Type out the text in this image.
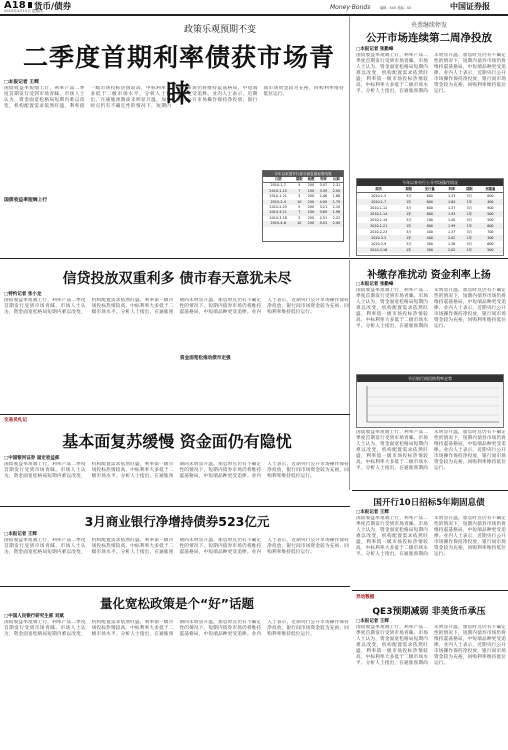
A18 货币/债券
2010年4月15日 星期四	Money·Bonds	编辑：XXX 美编：XX	中国证券报
政策乐观预期不变
二季度首期利率债获市场青睐
□本报记者 王辉
国债收益率短端上行，利率产品二季度首期发行受到市场青睐。市场人士认为，资金面宽松格局短期内难以改变，机构配置需求依然旺盛，利率债一级市场投标热情较高，中标利率大多低于二级市场水平。分析人士指出，在通胀预期尚未明显升温、加息时点仍有不确定性的情况下，短期内债券市场仍将维持震荡格局，中短端品种更受追捧。业内人士表示，近期央行公开市场操作保持净投放，银行间市场资金较为充裕，回购利率维持低位运行。
国债收益率短端上行
今年以来国开行部分固息债标售结果
日期	期限	规模	利率	认购
2010-1-7	5	200	3.07	2.31
2010-1-15	7	150	3.59	2.05
2010-1-21	3	200	2.46	1.88
2010-2-4	10	150	4.05	1.75
2010-2-25	5	200	3.21	2.10
2010-3-11	7	150	3.65	1.96
2010-3-18	3	200	2.51	2.22
2010-4-8	10	150	4.01	2.40
央票继续停发
公开市场连续第二周净投放
□本报记者 张勤峰
国债收益率短端上行，利率产品二季度首期发行受到市场青睐。市场人士认为，资金面宽松格局短期内难以改变，机构配置需求依然旺盛，利率债一级市场投标热情较高，中标利率大多低于二级市场水平。分析人士指出，在通胀预期尚未明显升温、加息时点仍有不确定性的情况下，短期内债券市场仍将维持震荡格局，中短端品种更受追捧。业内人士表示，近期央行公开市场操作保持净投放，银行间市场资金较为充裕，回购利率维持低位运行。
今年以来央行公开市场操作情况
期次	期限	发行量	利率	期限	到期量
2010-1-5	3月	600	1.33	3月	800
2010-1-7	1年	600	1.84	1年	400
2010-1-12	3月	600	1.37	3月	900
2010-1-14	1年	600	1.93	1年	500
2010-1-19	3月	700	1.40	3月	500
2010-1-21	1年	800	1.99	1年	600
2010-2-23	3月	400	1.37	3月	700
2010-3-2	1年	400	2.02	1年	300
2010-3-9	3月	300	1.38	3月	600
2010-3-16	1年	300	2.02	1年	500
信贷投放双重利多 债市春天意犹未尽
□特约记者 张小龙
国债收益率短端上行，利率产品二季度首期发行受到市场青睐。市场人士认为，资金面宽松格局短期内难以改变，机构配置需求依然旺盛，利率债一级市场投标热情较高，中标利率大多低于二级市场水平。分析人士指出，在通胀预期尚未明显升温、加息时点仍有不确定性的情况下，短期内债券市场仍将维持震荡格局，中短端品种更受追捧。业内人士表示，近期央行公开市场操作保持净投放，银行间市场资金较为充裕，回购利率维持低位运行。
资金面宽松推动债市走强
补缴存准扰动 资金利率上扬
□本报记者 张勤峰
国债收益率短端上行，利率产品二季度首期发行受到市场青睐。市场人士认为，资金面宽松格局短期内难以改变，机构配置需求依然旺盛，利率债一级市场投标热情较高，中标利率大多低于二级市场水平。分析人士指出，在通胀预期尚未明显升温、加息时点仍有不确定性的情况下，短期内债券市场仍将维持震荡格局，中短端品种更受追捧。业内人士表示，近期央行公开市场操作保持净投放，银行间市场资金较为充裕，回购利率维持低位运行。
节后银行间回购利率走势
国债收益率短端上行，利率产品二季度首期发行受到市场青睐。市场人士认为，资金面宽松格局短期内难以改变，机构配置需求依然旺盛，利率债一级市场投标热情较高，中标利率大多低于二级市场水平。分析人士指出，在通胀预期尚未明显升温、加息时点仍有不确定性的情况下，短期内债券市场仍将维持震荡格局，中短端品种更受追捧。业内人士表示，近期央行公开市场操作保持净投放，银行间市场资金较为充裕，回购利率维持低位运行。
交易员札记
基本面复苏缓慢 资金面仍有隐忧
□中国银河证券 固定收益部
国债收益率短端上行，利率产品二季度首期发行受到市场青睐。市场人士认为，资金面宽松格局短期内难以改变，机构配置需求依然旺盛，利率债一级市场投标热情较高，中标利率大多低于二级市场水平。分析人士指出，在通胀预期尚未明显升温、加息时点仍有不确定性的情况下，短期内债券市场仍将维持震荡格局，中短端品种更受追捧。业内人士表示，近期央行公开市场操作保持净投放，银行间市场资金较为充裕，回购利率维持低位运行。
国开行10日招标5年期固息债
□本报记者 王辉
国债收益率短端上行，利率产品二季度首期发行受到市场青睐。市场人士认为，资金面宽松格局短期内难以改变，机构配置需求依然旺盛，利率债一级市场投标热情较高，中标利率大多低于二级市场水平。分析人士指出，在通胀预期尚未明显升温、加息时点仍有不确定性的情况下，短期内债券市场仍将维持震荡格局，中短端品种更受追捧。业内人士表示，近期央行公开市场操作保持净投放，银行间市场资金较为充裕，回购利率维持低位运行。
3月商业银行净增持债券523亿元
□本报记者 王辉
国债收益率短端上行，利率产品二季度首期发行受到市场青睐。市场人士认为，资金面宽松格局短期内难以改变，机构配置需求依然旺盛，利率债一级市场投标热情较高，中标利率大多低于二级市场水平。分析人士指出，在通胀预期尚未明显升温、加息时点仍有不确定性的情况下，短期内债券市场仍将维持震荡格局，中短端品种更受追捧。业内人士表示，近期央行公开市场操作保持净投放，银行间市场资金较为充裕，回购利率维持低位运行。
量化宽松政策是个“好”话题
□中国人民银行研究生部 刘斌
国债收益率短端上行，利率产品二季度首期发行受到市场青睐。市场人士认为，资金面宽松格局短期内难以改变，机构配置需求依然旺盛，利率债一级市场投标热情较高，中标利率大多低于二级市场水平。分析人士指出，在通胀预期尚未明显升温、加息时点仍有不确定性的情况下，短期内债券市场仍将维持震荡格局，中短端品种更受追捧。业内人士表示，近期央行公开市场操作保持净投放，银行间市场资金较为充裕，回购利率维持低位运行。
异动数据
QE3预期减弱 非美货币承压
□本报记者 王辉
国债收益率短端上行，利率产品二季度首期发行受到市场青睐。市场人士认为，资金面宽松格局短期内难以改变，机构配置需求依然旺盛，利率债一级市场投标热情较高，中标利率大多低于二级市场水平。分析人士指出，在通胀预期尚未明显升温、加息时点仍有不确定性的情况下，短期内债券市场仍将维持震荡格局，中短端品种更受追捧。业内人士表示，近期央行公开市场操作保持净投放，银行间市场资金较为充裕，回购利率维持低位运行。
